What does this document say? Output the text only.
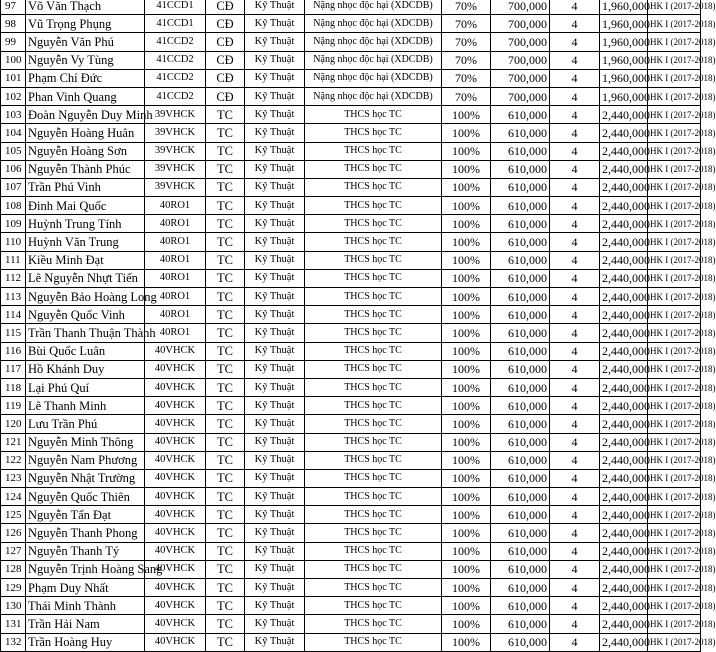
97	Võ Văn Thạch	41CCD1	CĐ	Kỹ Thuật	Nặng nhọc độc hại (XDCDB)	70%	700,000	4	1,960,000	HK I (2017-2018)
98	Vũ Trọng Phụng	41CCD1	CĐ	Kỹ Thuật	Nặng nhọc độc hại (XDCDB)	70%	700,000	4	1,960,000	HK I (2017-2018)
99	Nguyễn Văn Phú	41CCD2	CĐ	Kỹ Thuật	Nặng nhọc độc hại (XDCDB)	70%	700,000	4	1,960,000	HK I (2017-2018)
100	Nguyễn Vy Tùng	41CCD2	CĐ	Kỹ Thuật	Nặng nhọc độc hại (XDCDB)	70%	700,000	4	1,960,000	HK I (2017-2018)
101	Phạm Chí Đức	41CCD2	CĐ	Kỹ Thuật	Nặng nhọc độc hại (XDCDB)	70%	700,000	4	1,960,000	HK I (2017-2018)
102	Phan Vinh Quang	41CCD2	CĐ	Kỹ Thuật	Nặng nhọc độc hại (XDCDB)	70%	700,000	4	1,960,000	HK I (2017-2018)
103	Đoàn Nguyễn Duy Minh	39VHCK	TC	Kỹ Thuật	THCS học TC	100%	610,000	4	2,440,000	HK I (2017-2018)
104	Nguyễn Hoàng Huân	39VHCK	TC	Kỹ Thuật	THCS học TC	100%	610,000	4	2,440,000	HK I (2017-2018)
105	Nguyễn Hoàng Sơn	39VHCK	TC	Kỹ Thuật	THCS học TC	100%	610,000	4	2,440,000	HK I (2017-2018)
106	Nguyễn Thành Phúc	39VHCK	TC	Kỹ Thuật	THCS học TC	100%	610,000	4	2,440,000	HK I (2017-2018)
107	Trần Phú Vinh	39VHCK	TC	Kỹ Thuật	THCS học TC	100%	610,000	4	2,440,000	HK I (2017-2018)
108	Đinh Mai Quốc	40RO1	TC	Kỹ Thuật	THCS học TC	100%	610,000	4	2,440,000	HK I (2017-2018)
109	Huỳnh Trung Tính	40RO1	TC	Kỹ Thuật	THCS học TC	100%	610,000	4	2,440,000	HK I (2017-2018)
110	Huỳnh Văn Trung	40RO1	TC	Kỹ Thuật	THCS học TC	100%	610,000	4	2,440,000	HK I (2017-2018)
111	Kiều Minh Đạt	40RO1	TC	Kỹ Thuật	THCS học TC	100%	610,000	4	2,440,000	HK I (2017-2018)
112	Lê Nguyễn Nhựt Tiến	40RO1	TC	Kỹ Thuật	THCS học TC	100%	610,000	4	2,440,000	HK I (2017-2018)
113	Nguyễn Bảo Hoàng Long	40RO1	TC	Kỹ Thuật	THCS học TC	100%	610,000	4	2,440,000	HK I (2017-2018)
114	Nguyễn Quốc Vinh	40RO1	TC	Kỹ Thuật	THCS học TC	100%	610,000	4	2,440,000	HK I (2017-2018)
115	Trần Thanh Thuận Thành	40RO1	TC	Kỹ Thuật	THCS học TC	100%	610,000	4	2,440,000	HK I (2017-2018)
116	Bùi Quốc Luân	40VHCK	TC	Kỹ Thuật	THCS học TC	100%	610,000	4	2,440,000	HK I (2017-2018)
117	Hồ Khánh Duy	40VHCK	TC	Kỹ Thuật	THCS học TC	100%	610,000	4	2,440,000	HK I (2017-2018)
118	Lại Phú Quí	40VHCK	TC	Kỹ Thuật	THCS học TC	100%	610,000	4	2,440,000	HK I (2017-2018)
119	Lê Thanh Minh	40VHCK	TC	Kỹ Thuật	THCS học TC	100%	610,000	4	2,440,000	HK I (2017-2018)
120	Lưu Trần Phú	40VHCK	TC	Kỹ Thuật	THCS học TC	100%	610,000	4	2,440,000	HK I (2017-2018)
121	Nguyễn Minh Thông	40VHCK	TC	Kỹ Thuật	THCS học TC	100%	610,000	4	2,440,000	HK I (2017-2018)
122	Nguyễn Nam Phương	40VHCK	TC	Kỹ Thuật	THCS học TC	100%	610,000	4	2,440,000	HK I (2017-2018)
123	Nguyễn Nhật Trường	40VHCK	TC	Kỹ Thuật	THCS học TC	100%	610,000	4	2,440,000	HK I (2017-2018)
124	Nguyễn Quốc Thiên	40VHCK	TC	Kỹ Thuật	THCS học TC	100%	610,000	4	2,440,000	HK I (2017-2018)
125	Nguyễn Tấn Đạt	40VHCK	TC	Kỹ Thuật	THCS học TC	100%	610,000	4	2,440,000	HK I (2017-2018)
126	Nguyễn Thanh Phong	40VHCK	TC	Kỹ Thuật	THCS học TC	100%	610,000	4	2,440,000	HK I (2017-2018)
127	Nguyễn Thanh Tý	40VHCK	TC	Kỹ Thuật	THCS học TC	100%	610,000	4	2,440,000	HK I (2017-2018)
128	Nguyễn Trịnh Hoàng Sang	40VHCK	TC	Kỹ Thuật	THCS học TC	100%	610,000	4	2,440,000	HK I (2017-2018)
129	Phạm Duy Nhất	40VHCK	TC	Kỹ Thuật	THCS học TC	100%	610,000	4	2,440,000	HK I (2017-2018)
130	Thái Minh Thành	40VHCK	TC	Kỹ Thuật	THCS học TC	100%	610,000	4	2,440,000	HK I (2017-2018)
131	Trần Hải Nam	40VHCK	TC	Kỹ Thuật	THCS học TC	100%	610,000	4	2,440,000	HK I (2017-2018)
132	Trần Hoàng Huy	40VHCK	TC	Kỹ Thuật	THCS học TC	100%	610,000	4	2,440,000	HK I (2017-2018)
